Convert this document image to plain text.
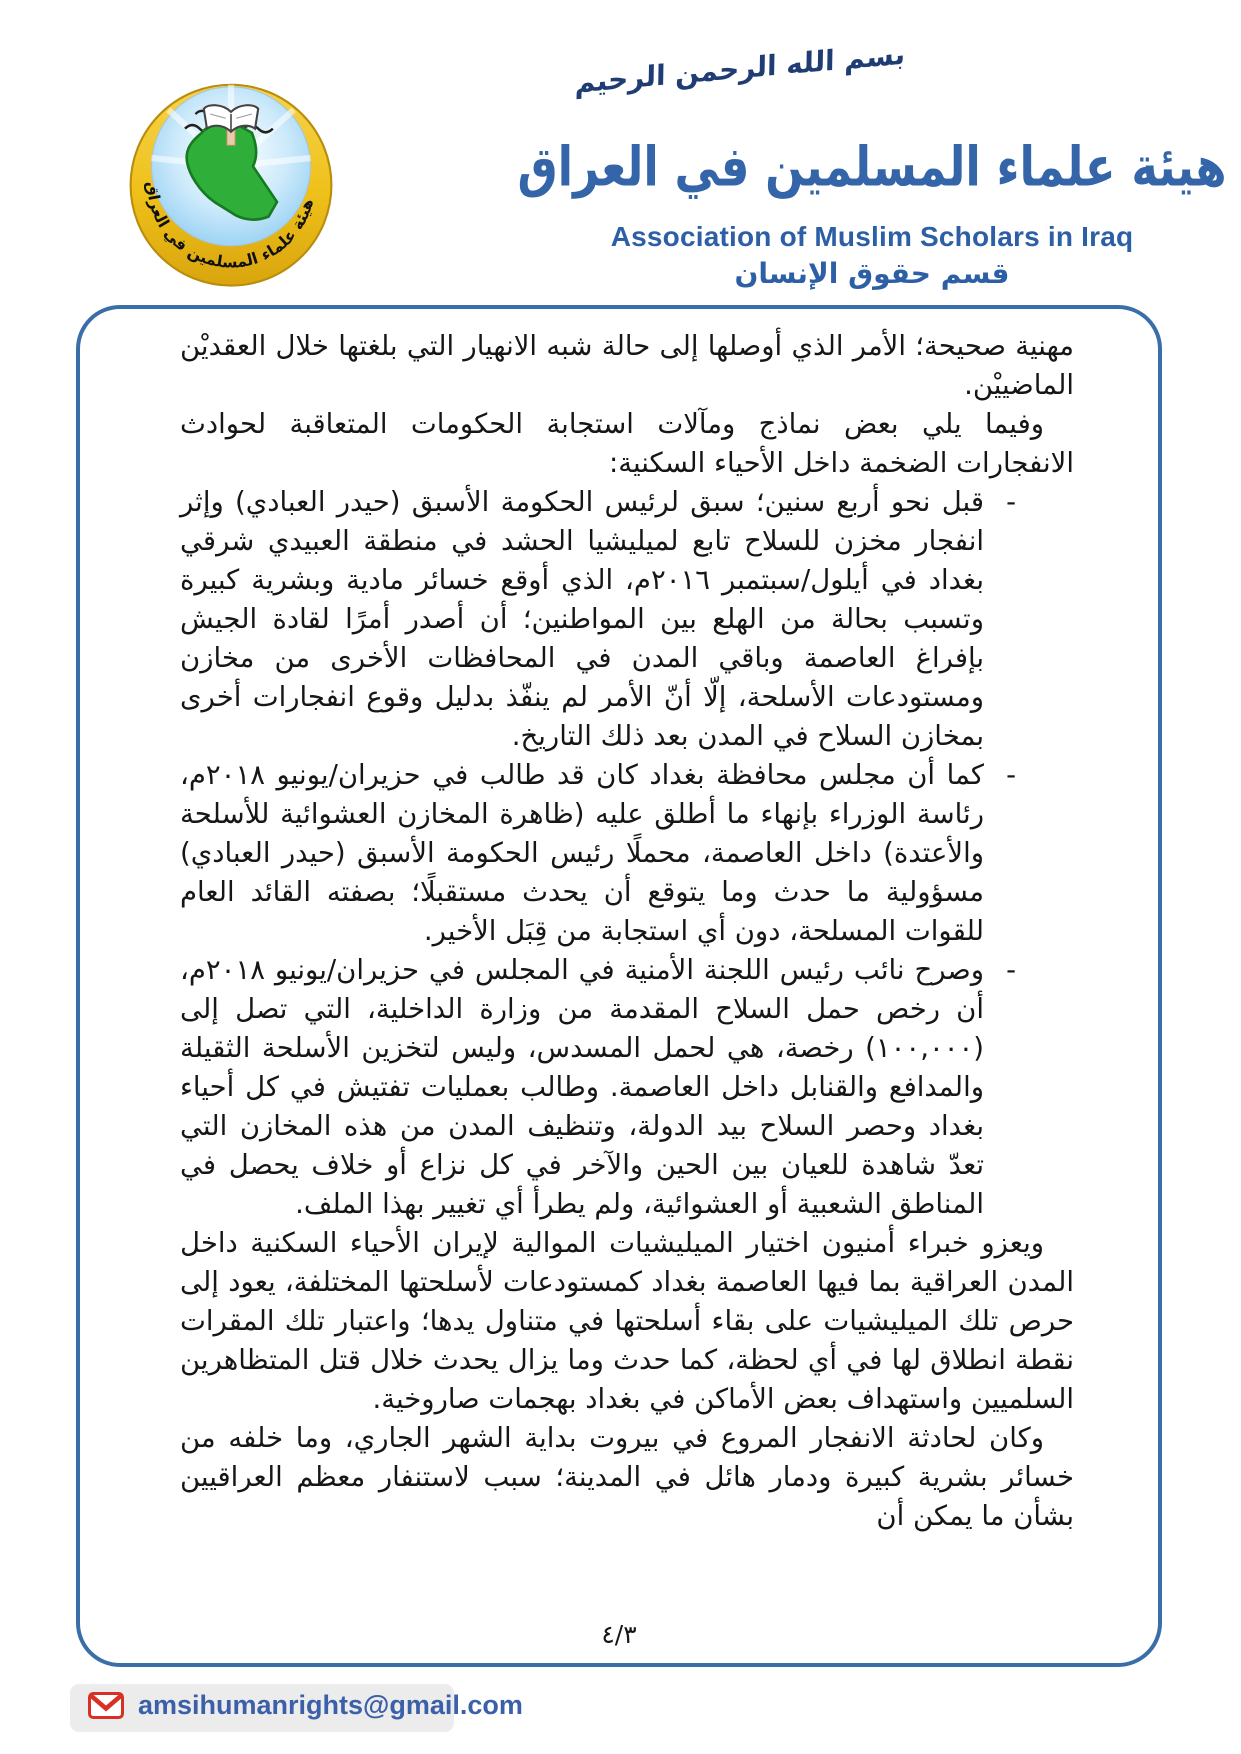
هيئة علماء المسلمين في العراق
بسم الله الرحمن الرحيم
هيئة علماء المسلمين في العراق
Association of Muslim Scholars in Iraq
قسم حقوق الإنسان

مهنية صحيحة؛ الأمر الذي أوصلها إلى حالة شبه الانهيار التي بلغتها خلال العقديْن الماضييْن.

وفيما يلي بعض نماذج ومآلات استجابة الحكومات المتعاقبة لحوادث الانفجارات الضخمة داخل الأحياء السكنية:

-
قبل نحو أربع سنين؛ سبق لرئيس الحكومة الأسبق (حيدر العبادي) وإثر انفجار مخزن للسلاح تابع لميليشيا الحشد في منطقة العبيدي شرقي بغداد في أيلول/سبتمبر ٢٠١٦م، الذي أوقع خسائر مادية وبشرية كبيرة وتسبب بحالة من الهلع بين المواطنين؛ أن أصدر أمرًا لقادة الجيش بإفراغ العاصمة وباقي المدن في المحافظات الأخرى من مخازن ومستودعات الأسلحة، إلّا أنّ الأمر لم ينفّذ بدليل وقوع انفجارات أخرى بمخازن السلاح في المدن بعد ذلك التاريخ.
-
كما أن مجلس محافظة بغداد كان قد طالب في حزيران/يونيو ٢٠١٨م، رئاسة الوزراء بإنهاء ما أطلق عليه (ظاهرة المخازن العشوائية للأسلحة والأعتدة) داخل العاصمة، محملًا رئيس الحكومة الأسبق (حيدر العبادي) مسؤولية ما حدث وما يتوقع أن يحدث مستقبلًا؛ بصفته القائد العام للقوات المسلحة، دون أي استجابة من قِبَل الأخير.
-
وصرح نائب رئيس اللجنة الأمنية في المجلس في حزيران/يونيو ٢٠١٨م، أن رخص حمل السلاح المقدمة من وزارة الداخلية، التي تصل إلى (١٠٠,٠٠٠) رخصة، هي لحمل المسدس، وليس لتخزين الأسلحة الثقيلة والمدافع والقنابل داخل العاصمة. وطالب بعمليات تفتيش في كل أحياء بغداد وحصر السلاح بيد الدولة، وتنظيف المدن من هذه المخازن التي تعدّ شاهدة للعيان بين الحين والآخر في كل نزاع أو خلاف يحصل في المناطق الشعبية أو العشوائية، ولم يطرأ أي تغيير بهذا الملف.

ويعزو خبراء أمنيون اختيار الميليشيات الموالية لإيران الأحياء السكنية داخل المدن العراقية بما فيها العاصمة بغداد كمستودعات لأسلحتها المختلفة، يعود إلى حرص تلك الميليشيات على بقاء أسلحتها في متناول يدها؛ واعتبار تلك المقرات نقطة انطلاق لها في أي لحظة، كما حدث وما يزال يحدث خلال قتل المتظاهرين السلميين واستهداف بعض الأماكن في بغداد بهجمات صاروخية.

وكان لحادثة الانفجار المروع في بيروت بداية الشهر الجاري، وما خلفه من خسائر بشرية كبيرة ودمار هائل في المدينة؛ سبب لاستنفار معظم العراقيين بشأن ما يمكن أن

٤/٣
amsihumanrights@gmail.com
